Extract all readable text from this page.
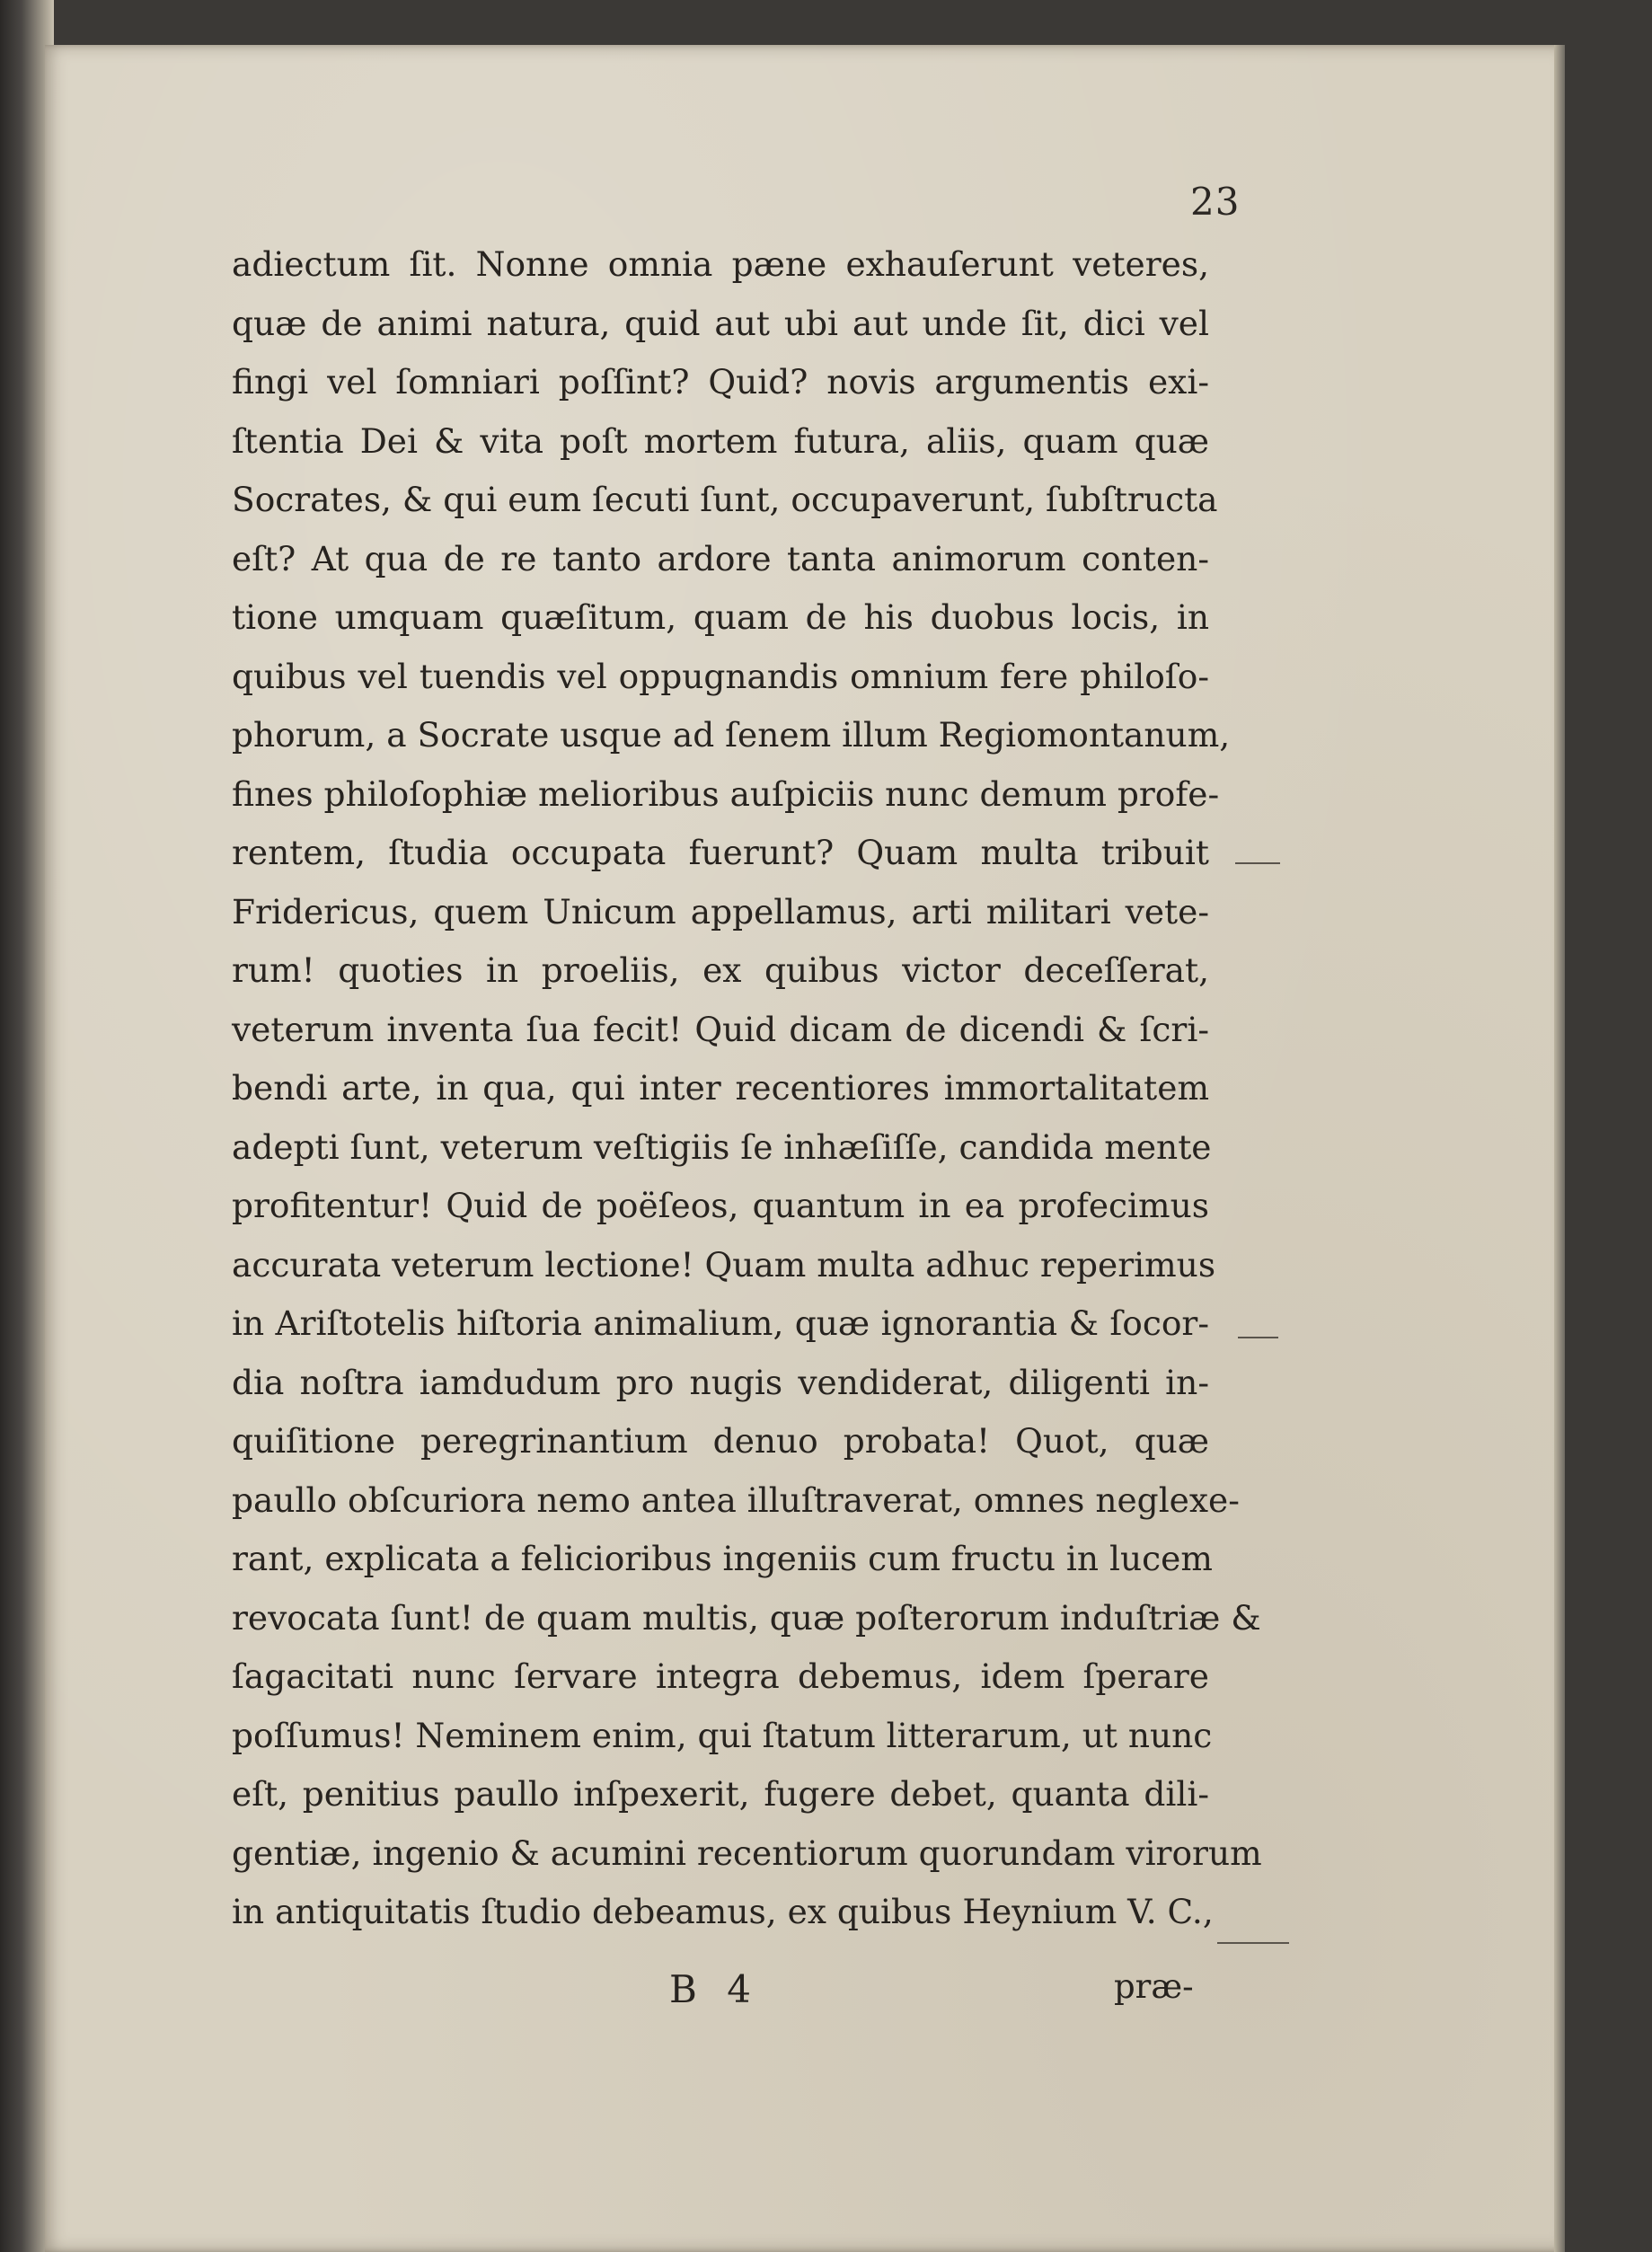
23
adiectum ſit. Nonne omnia pæne exhauſerunt veteres,
quæ de animi natura, quid aut ubi aut unde ſit, dici vel
fingi vel ſomniari poſſint? Quid? novis argumentis exi-
ſtentia Dei & vita poſt mortem futura, aliis, quam quæ
Socrates, & qui eum ſecuti ſunt, occupaverunt, ſubſtructa
eſt? At qua de re tanto ardore tanta animorum conten-
tione umquam quæſitum, quam de his duobus locis, in
quibus vel tuendis vel oppugnandis omnium fere philoſo-
phorum, a Socrate usque ad ſenem illum Regiomontanum,
fines philoſophiæ melioribus auſpiciis nunc demum profe-
rentem, ſtudia occupata fuerunt? Quam multa tribuit
Fridericus, quem Unicum appellamus, arti militari vete-
rum! quoties in proeliis, ex quibus victor deceſſerat,
veterum inventa ſua fecit! Quid dicam de dicendi & ſcri-
bendi arte, in qua, qui inter recentiores immortalitatem
adepti ſunt, veterum veſtigiis ſe inhæſiſſe, candida mente
profitentur! Quid de poëſeos, quantum in ea profecimus
accurata veterum lectione! Quam multa adhuc reperimus
in Ariſtotelis hiſtoria animalium, quæ ignorantia & ſocor-
dia noſtra iamdudum pro nugis vendiderat, diligenti in-
quiſitione peregrinantium denuo probata! Quot, quæ
paullo obſcuriora nemo antea illuſtraverat, omnes neglexe-
rant, explicata a felicioribus ingeniis cum fructu in lucem
revocata ſunt! de quam multis, quæ poſterorum induſtriæ &
ſagacitati nunc ſervare integra debemus, idem ſperare
poſſumus! Neminem enim, qui ſtatum litterarum, ut nunc
eſt, penitius paullo inſpexerit, fugere debet, quanta dili-
gentiæ, ingenio & acumini recentiorum quorundam virorum
in antiquitatis ſtudio debeamus, ex quibus Heynium V. C.,
B 4	præ-
